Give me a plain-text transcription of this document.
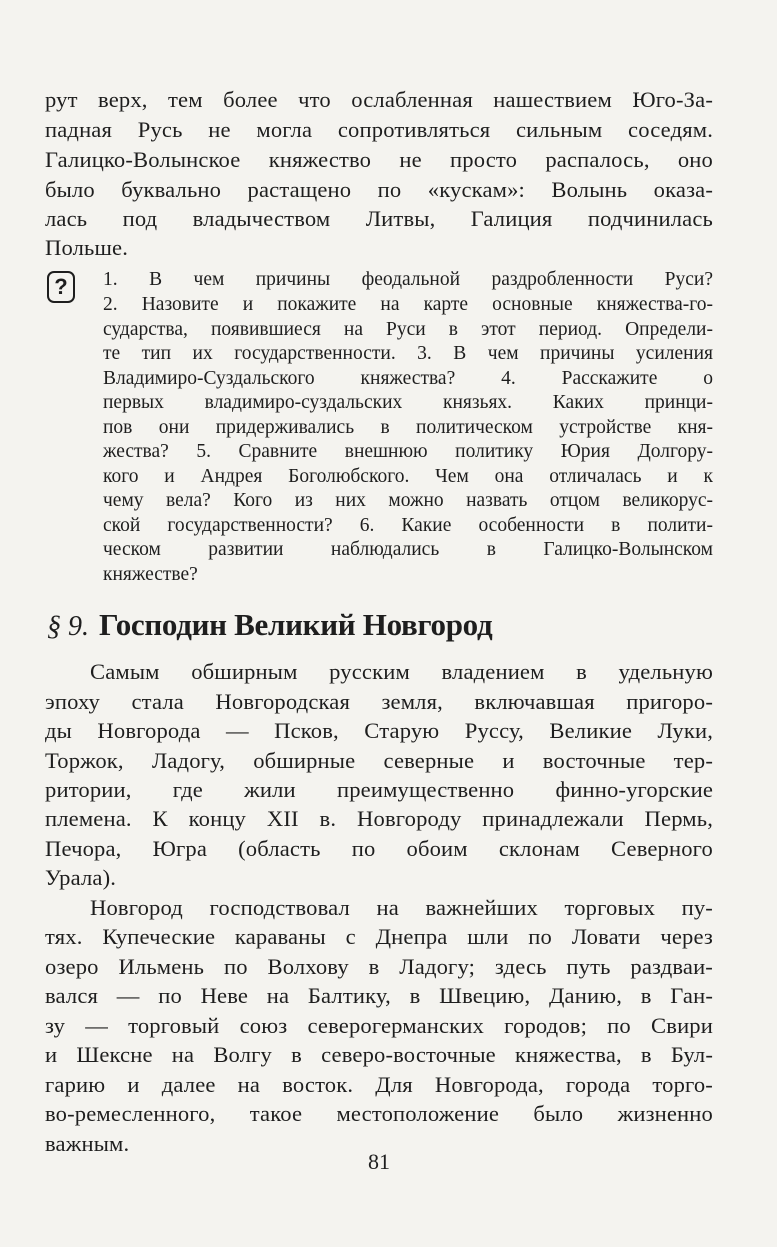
рут верх, тем более что ослабленная нашествием Юго-За-
падная Русь не могла сопротивляться сильным соседям.
Галицко-Волынское княжество не просто распалось, оно
было буквально растащено по «кускам»: Волынь оказа-
лась под владычеством Литвы, Галиция подчинилась
Польше.
?	1. В чем причины феодальной раздробленности Руси?
2. Назовите и покажите на карте основные княжества-го-
сударства, появившиеся на Руси в этот период. Определи-
те тип их государственности. 3. В чем причины усиления
Владимиро-Суздальского княжества? 4. Расскажите о
первых владимиро-суздальских князьях. Каких принци-
пов они придерживались в политическом устройстве кня-
жества? 5. Сравните внешнюю политику Юрия Долгору-
кого и Андрея Боголюбского. Чем она отличалась и к
чему вела? Кого из них можно назвать отцом великорус-
ской государственности? 6. Какие особенности в полити-
ческом развитии наблюдались в Галицко-Волынском
княжестве?
§ 9. Господин Великий Новгород
Самым обширным русским владением в удельную
эпоху стала Новгородская земля, включавшая пригоро-
ды Новгорода — Псков, Старую Руссу, Великие Луки,
Торжок, Ладогу, обширные северные и восточные тер-
ритории, где жили преимущественно финно-угорские
племена. К концу XII в. Новгороду принадлежали Пермь,
Печора, Югра (область по обоим склонам Северного
Урала).
Новгород господствовал на важнейших торговых пу-
тях. Купеческие караваны с Днепра шли по Ловати через
озеро Ильмень по Волхову в Ладогу; здесь путь раздваи-
вался — по Неве на Балтику, в Швецию, Данию, в Ган-
зу — торговый союз северогерманских городов; по Свири
и Шексне на Волгу в северо-восточные княжества, в Бул-
гарию и далее на восток. Для Новгорода, города торго-
во-ремесленного, такое местоположение было жизненно
важным.
81
